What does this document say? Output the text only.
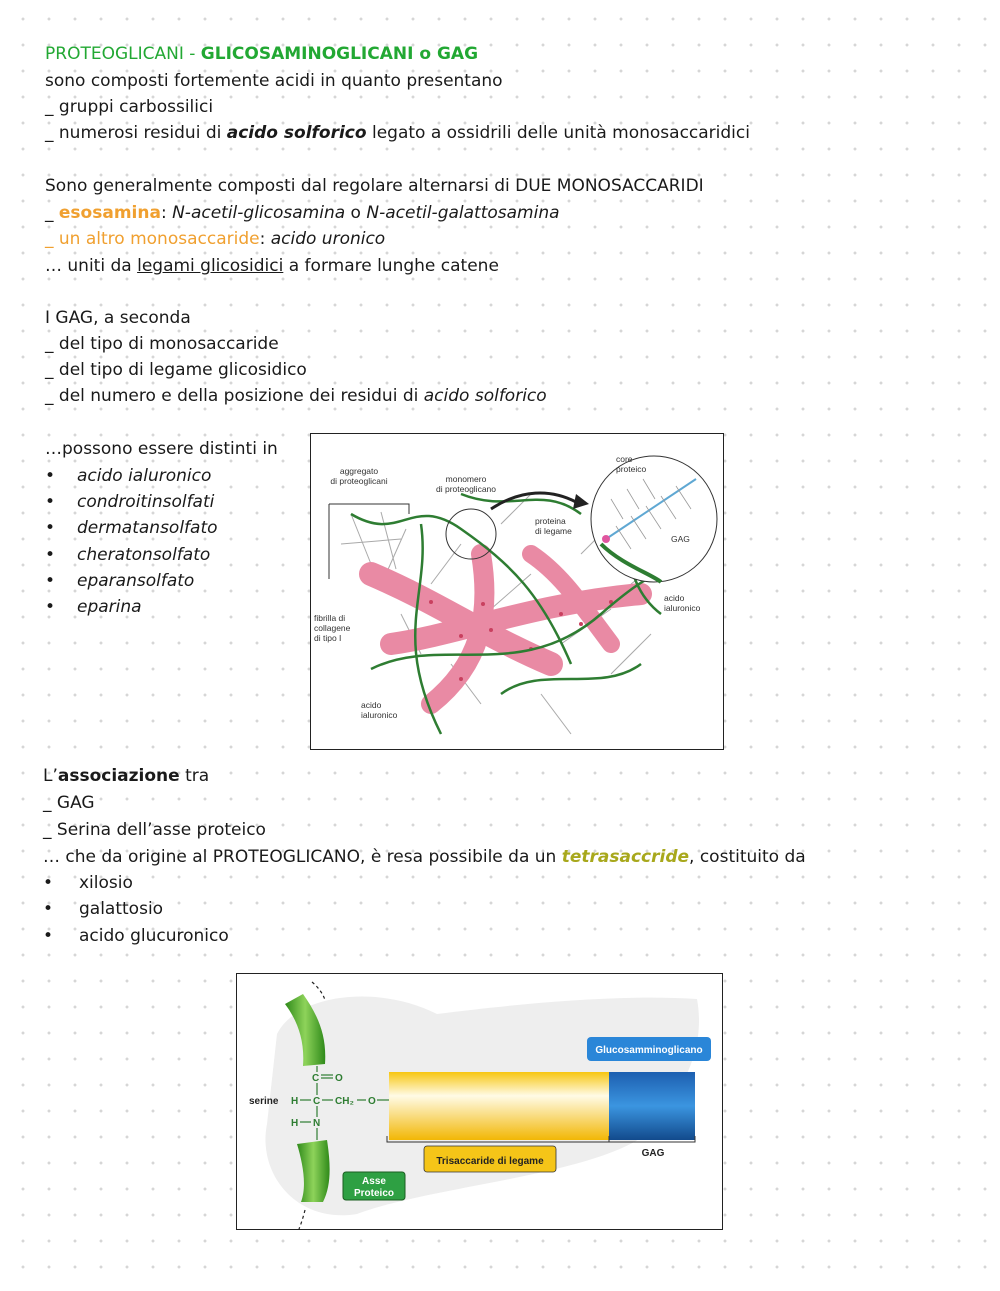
PROTEOGLICANI - GLICOSAMINOGLICANI o GAG
sono composti fortemente acidi in quanto presentano
_ gruppi carbossilici
_ numerosi residui di acido solforico legato a ossidrili delle unità monosaccaridici
Sono generalmente composti dal regolare alternarsi di DUE MONOSACCARIDI
_ esosamina: N-acetil-glicosamina o N-acetil-galattosamina
_ un altro monosaccaride: acido uronico
… uniti da legami glicosidici a formare lunghe catene
I GAG, a seconda
_ del tipo di monosaccaride
_ del tipo di legame glicosidico
_ del numero e della posizione dei residui di acido solforico
…possono essere distinti in
• acido ialuronico
• condroitinsolfati
• dermatansolfato
• cheratonsolfato
• eparansolfato
• eparina
aggregato
di proteoglicani	monomero
di proteoglicano
core
proteico
proteina
di legame
GAG
acido
ialuronico
fibrilla di
collagene
di tipo I
acido
ialuronico
L’associazione tra
_ GAG
_ Serina dell’asse proteico
… che da origine al PROTEOGLICANO, è resa possibile da un tetrasaccride, costituito da
• xilosio
• galattosio
• acido glucuronico
C O
H C CH₂ O
H N
serine
Glucosamminoglicano
GAG
Trisaccaride di legame
Asse
Proteico
